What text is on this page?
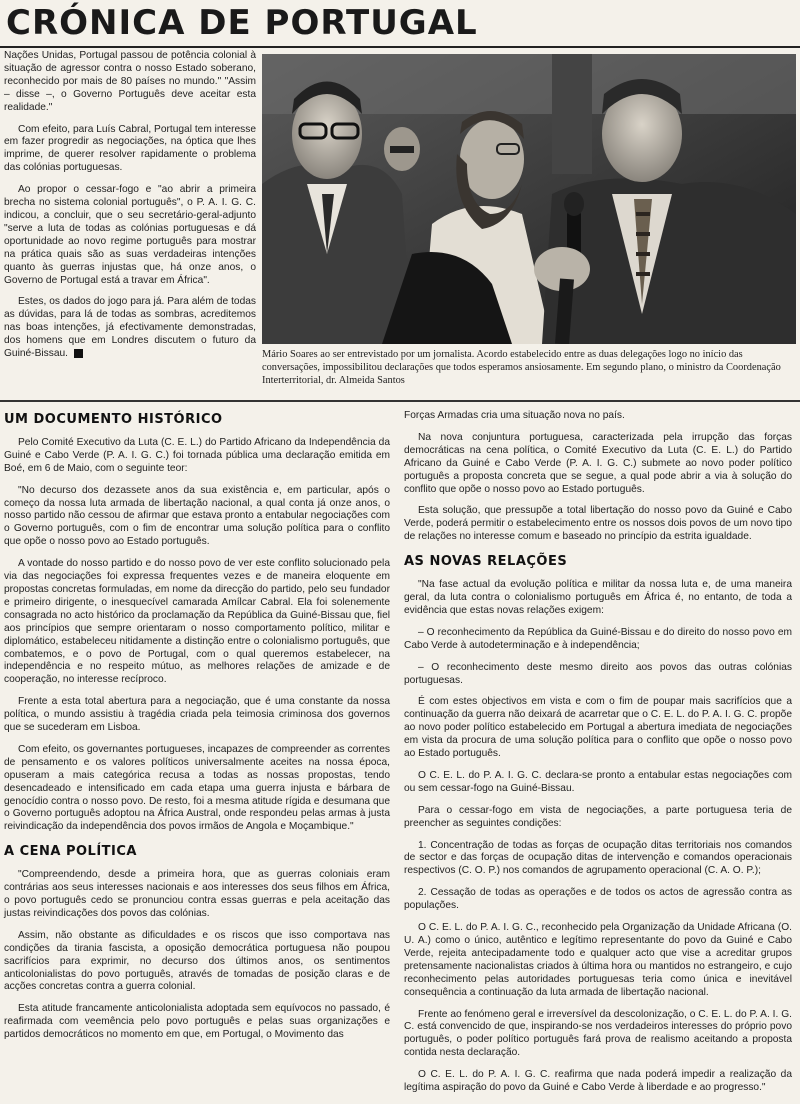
CRÓNICA DE PORTUGAL

Nações Unidas, Portugal passou de potência colonial à situação de agressor contra o nosso Estado soberano, reconhecido por mais de 80 países no mundo." "Assim – disse –, o Governo Português deve aceitar esta realidade."

Com efeito, para Luís Cabral, Portugal tem interesse em fazer progredir as negociações, na óptica que lhes imprime, de querer resolver rapidamente o problema das colónias portuguesas.

Ao propor o cessar-fogo e "ao abrir a primeira brecha no sistema colonial português", o P. A. I. G. C. indicou, a concluir, que o seu secretário-geral-adjunto "serve a luta de todas as colónias portuguesas e dá oportunidade ao novo regime português para mostrar na prática quais são as suas verdadeiras intenções quanto às guerras injustas que, há onze anos, o Governo de Portugal está a travar em África".

Estes, os dados do jogo para já. Para além de todas as dúvidas, para lá de todas as sombras, acreditemos nas boas intenções, já efectivamente demonstradas, dos homens que em Londres discutem o futuro da Guiné-Bissau.	Mário Soares ao ser entrevistado por um jornalista. Acordo estabelecido entre as duas delegações logo no início das conversações, impossibilitou declarações que todos esperamos ansiosamente. Em segundo plano, o ministro da Coordenação Interterritorial, dr. Almeida Santos
UM DOCUMENTO HISTÓRICO

Pelo Comité Executivo da Luta (C. E. L.) do Partido Africano da Independência da Guiné e Cabo Verde (P. A. I. G. C.) foi tornada pública uma declaração emitida em Boé, em 6 de Maio, com o seguinte teor:

"No decurso dos dezassete anos da sua existência e, em particular, após o começo da nossa luta armada de libertação nacional, a qual conta já onze anos, o nosso partido não cessou de afirmar que estava pronto a entabular negociações com o Governo português, com o fim de encontrar uma solução política para o conflito que opõe o nosso povo ao Estado português.

A vontade do nosso partido e do nosso povo de ver este conflito solucionado pela via das negociações foi expressa frequentes vezes e de maneira eloquente em propostas concretas formuladas, em nome da direcção do partido, pelo seu fundador e primeiro dirigente, o inesquecível camarada Amílcar Cabral. Ela foi solenemente consagrada no acto histórico da proclamação da República da Guiné-Bissau que, fiel aos princípios que sempre orientaram o nosso comportamento político, militar e diplomático, estabeleceu nitidamente a distinção entre o colonialismo português, que combatemos, e o povo de Portugal, com o qual queremos estabelecer, na independência e no respeito mútuo, as melhores relações de amizade e de cooperação, no interesse recíproco.

Frente a esta total abertura para a negociação, que é uma constante da nossa política, o mundo assistiu à tragédia criada pela teimosia criminosa dos governos que se sucederam em Lisboa.

Com efeito, os governantes portugueses, incapazes de compreender as correntes de pensamento e os valores políticos universalmente aceites na nossa época, opuseram a mais categórica recusa a todas as nossas propostas, tendo desencadeado e intensificado em cada etapa uma guerra injusta e bárbara de genocídio contra o nosso povo. De resto, foi a mesma atitude rígida e desumana que o Governo português adoptou na África Austral, onde respondeu pelas armas à justa reivindicação da independência dos povos irmãos de Angola e Moçambique."

A CENA POLÍTICA

"Compreendendo, desde a primeira hora, que as guerras coloniais eram contrárias aos seus interesses nacionais e aos interesses dos seus filhos em África, o povo português cedo se pronunciou contra essas guerras e pela aceitação das justas reivindicações dos povos das colónias.

Assim, não obstante as dificuldades e os riscos que isso comportava nas condições da tirania fascista, a oposição democrática portuguesa não poupou sacrifícios para exprimir, no decurso dos últimos anos, os sentimentos anticolonialistas do povo português, através de tomadas de posição claras e de acções concretas contra a guerra colonial.

Esta atitude francamente anticolonialista adoptada sem equívocos no passado, é reafirmada com veemência pelo povo português e pelas suas organizações e partidos democráticos no momento em que, em Portugal, o Movimento das

Forças Armadas cria uma situação nova no país.

Na nova conjuntura portuguesa, caracterizada pela irrupção das forças democráticas na cena política, o Comité Executivo da Luta (C. E. L.) do Partido Africano da Guiné e Cabo Verde (P. A. I. G. C.) submete ao novo poder político português a proposta concreta que se segue, a qual pode abrir a via à solução do conflito que opõe o nosso povo ao Estado português.

Esta solução, que pressupõe a total libertação do nosso povo da Guiné e Cabo Verde, poderá permitir o estabelecimento entre os nossos dois povos de um novo tipo de relações no interesse comum e baseado no princípio da estrita igualdade.

AS NOVAS RELAÇÕES

"Na fase actual da evolução política e militar da nossa luta e, de uma maneira geral, da luta contra o colonialismo português em África é, no entanto, de toda a evidência que estas novas relações exigem:

– O reconhecimento da República da Guiné-Bissau e do direito do nosso povo em Cabo Verde à autodeterminação e à independência;

– O reconhecimento deste mesmo direito aos povos das outras colónias portuguesas.

É com estes objectivos em vista e com o fim de poupar mais sacrifícios que a continuação da guerra não deixará de acarretar que o C. E. L. do P. A. I. G. C. propõe ao novo poder político estabelecido em Portugal a abertura imediata de negociações em vista da procura de uma solução política para o conflito que opõe o nosso povo ao Estado português.

O C. E. L. do P. A. I. G. C. declara-se pronto a entabular estas negociações com ou sem cessar-fogo na Guiné-Bissau.

Para o cessar-fogo em vista de negociações, a parte portuguesa teria de preencher as seguintes condições:

1. Concentração de todas as forças de ocupação ditas territoriais nos comandos de sector e das forças de ocupação ditas de intervenção e comandos operacionais respectivos (C. O. P.) nos comandos de agrupamento operacional (C. A. O. P.);

2. Cessação de todas as operações e de todos os actos de agressão contra as populações.

O C. E. L. do P. A. I. G. C., reconhecido pela Organização da Unidade Africana (O. U. A.) como o único, autêntico e legítimo representante do povo da Guiné e Cabo Verde, rejeita antecipadamente todo e qualquer acto que vise a acreditar grupos pretensamente nacionalistas criados à última hora ou mantidos no estrangeiro, e cujo reconhecimento pelas autoridades portuguesas teria como única e inevitável consequência a continuação da luta armada de libertação nacional.

Frente ao fenómeno geral e irreversível da descolonização, o C. E. L. do P. A. I. G. C. está convencido de que, inspirando-se nos verdadeiros interesses do próprio povo português, o poder político português fará prova de realismo aceitando a proposta contida nesta declaração.

O C. E. L. do P. A. I. G. C. reafirma que nada poderá impedir a realização da legítima aspiração do povo da Guiné e Cabo Verde à liberdade e ao progresso."
